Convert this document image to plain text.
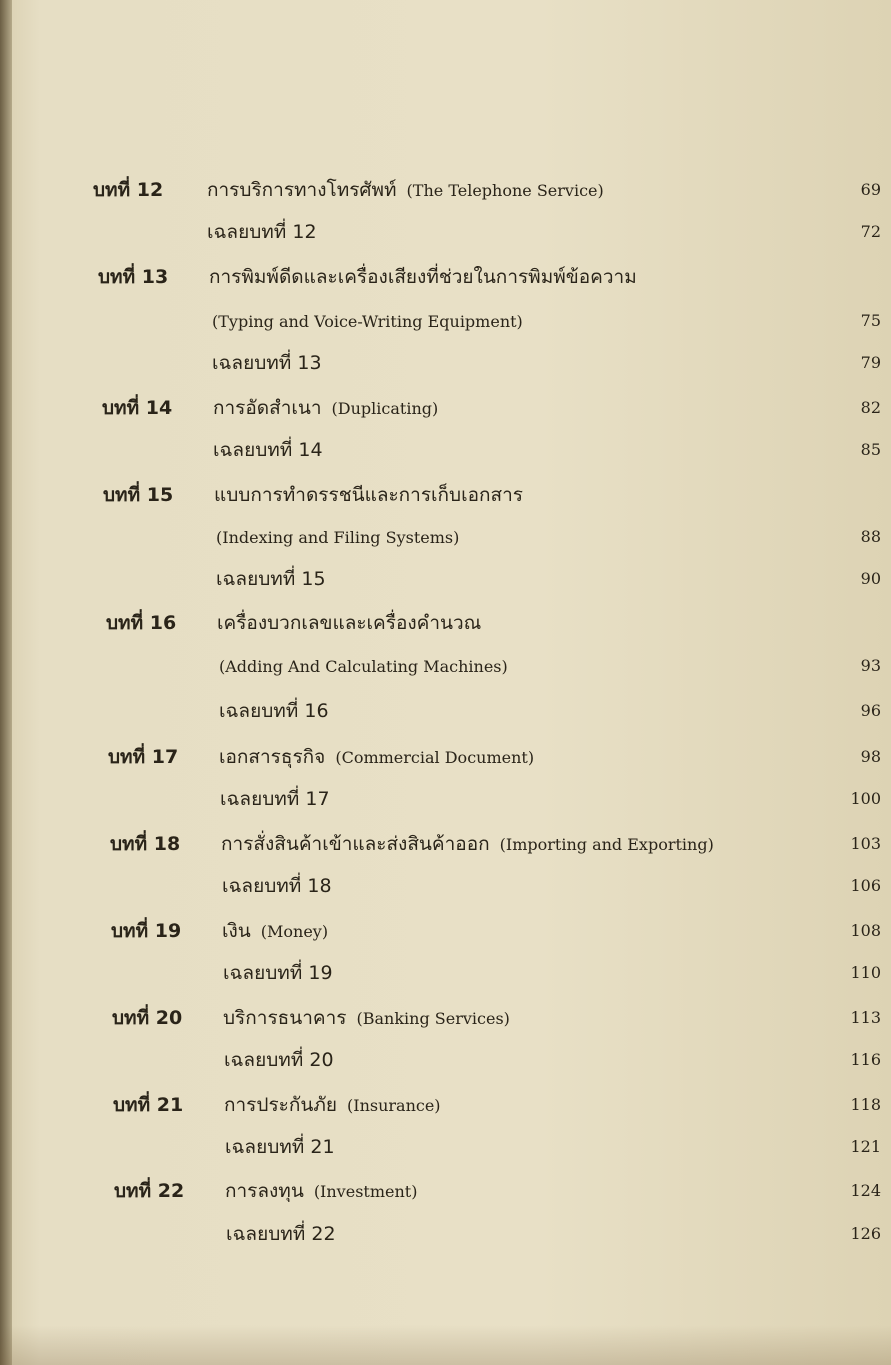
บทที่ 12 การบริการทางโทรศัพท์ (The Telephone Service)	69
เฉลยบทที่ 12	72
บทที่ 13 การพิมพ์ดีดและเครื่องเสียงที่ช่วยในการพิมพ์ข้อความ
(Typing and Voice-Writing Equipment)	75
เฉลยบทที่ 13	79
บทที่ 14 การอัดสำเนา (Duplicating)	82
เฉลยบทที่ 14	85
บทที่ 15 แบบการทำดรรชนีและการเก็บเอกสาร
(Indexing and Filing Systems)	88
เฉลยบทที่ 15	90
บทที่ 16 เครื่องบวกเลขและเครื่องคำนวณ
(Adding And Calculating Machines)	93
เฉลยบทที่ 16	96
บทที่ 17 เอกสารธุรกิจ (Commercial Document)	98
เฉลยบทที่ 17	100
บทที่ 18 การสั่งสินค้าเข้าและส่งสินค้าออก (Importing and Exporting)	103
เฉลยบทที่ 18	106
บทที่ 19 เงิน (Money)	108
เฉลยบทที่ 19	110
บทที่ 20 บริการธนาคาร (Banking Services)	113
เฉลยบทที่ 20	116
บทที่ 21 การประกันภัย (Insurance)	118
เฉลยบทที่ 21	121
บทที่ 22 การลงทุน (Investment)	124
เฉลยบทที่ 22	126
